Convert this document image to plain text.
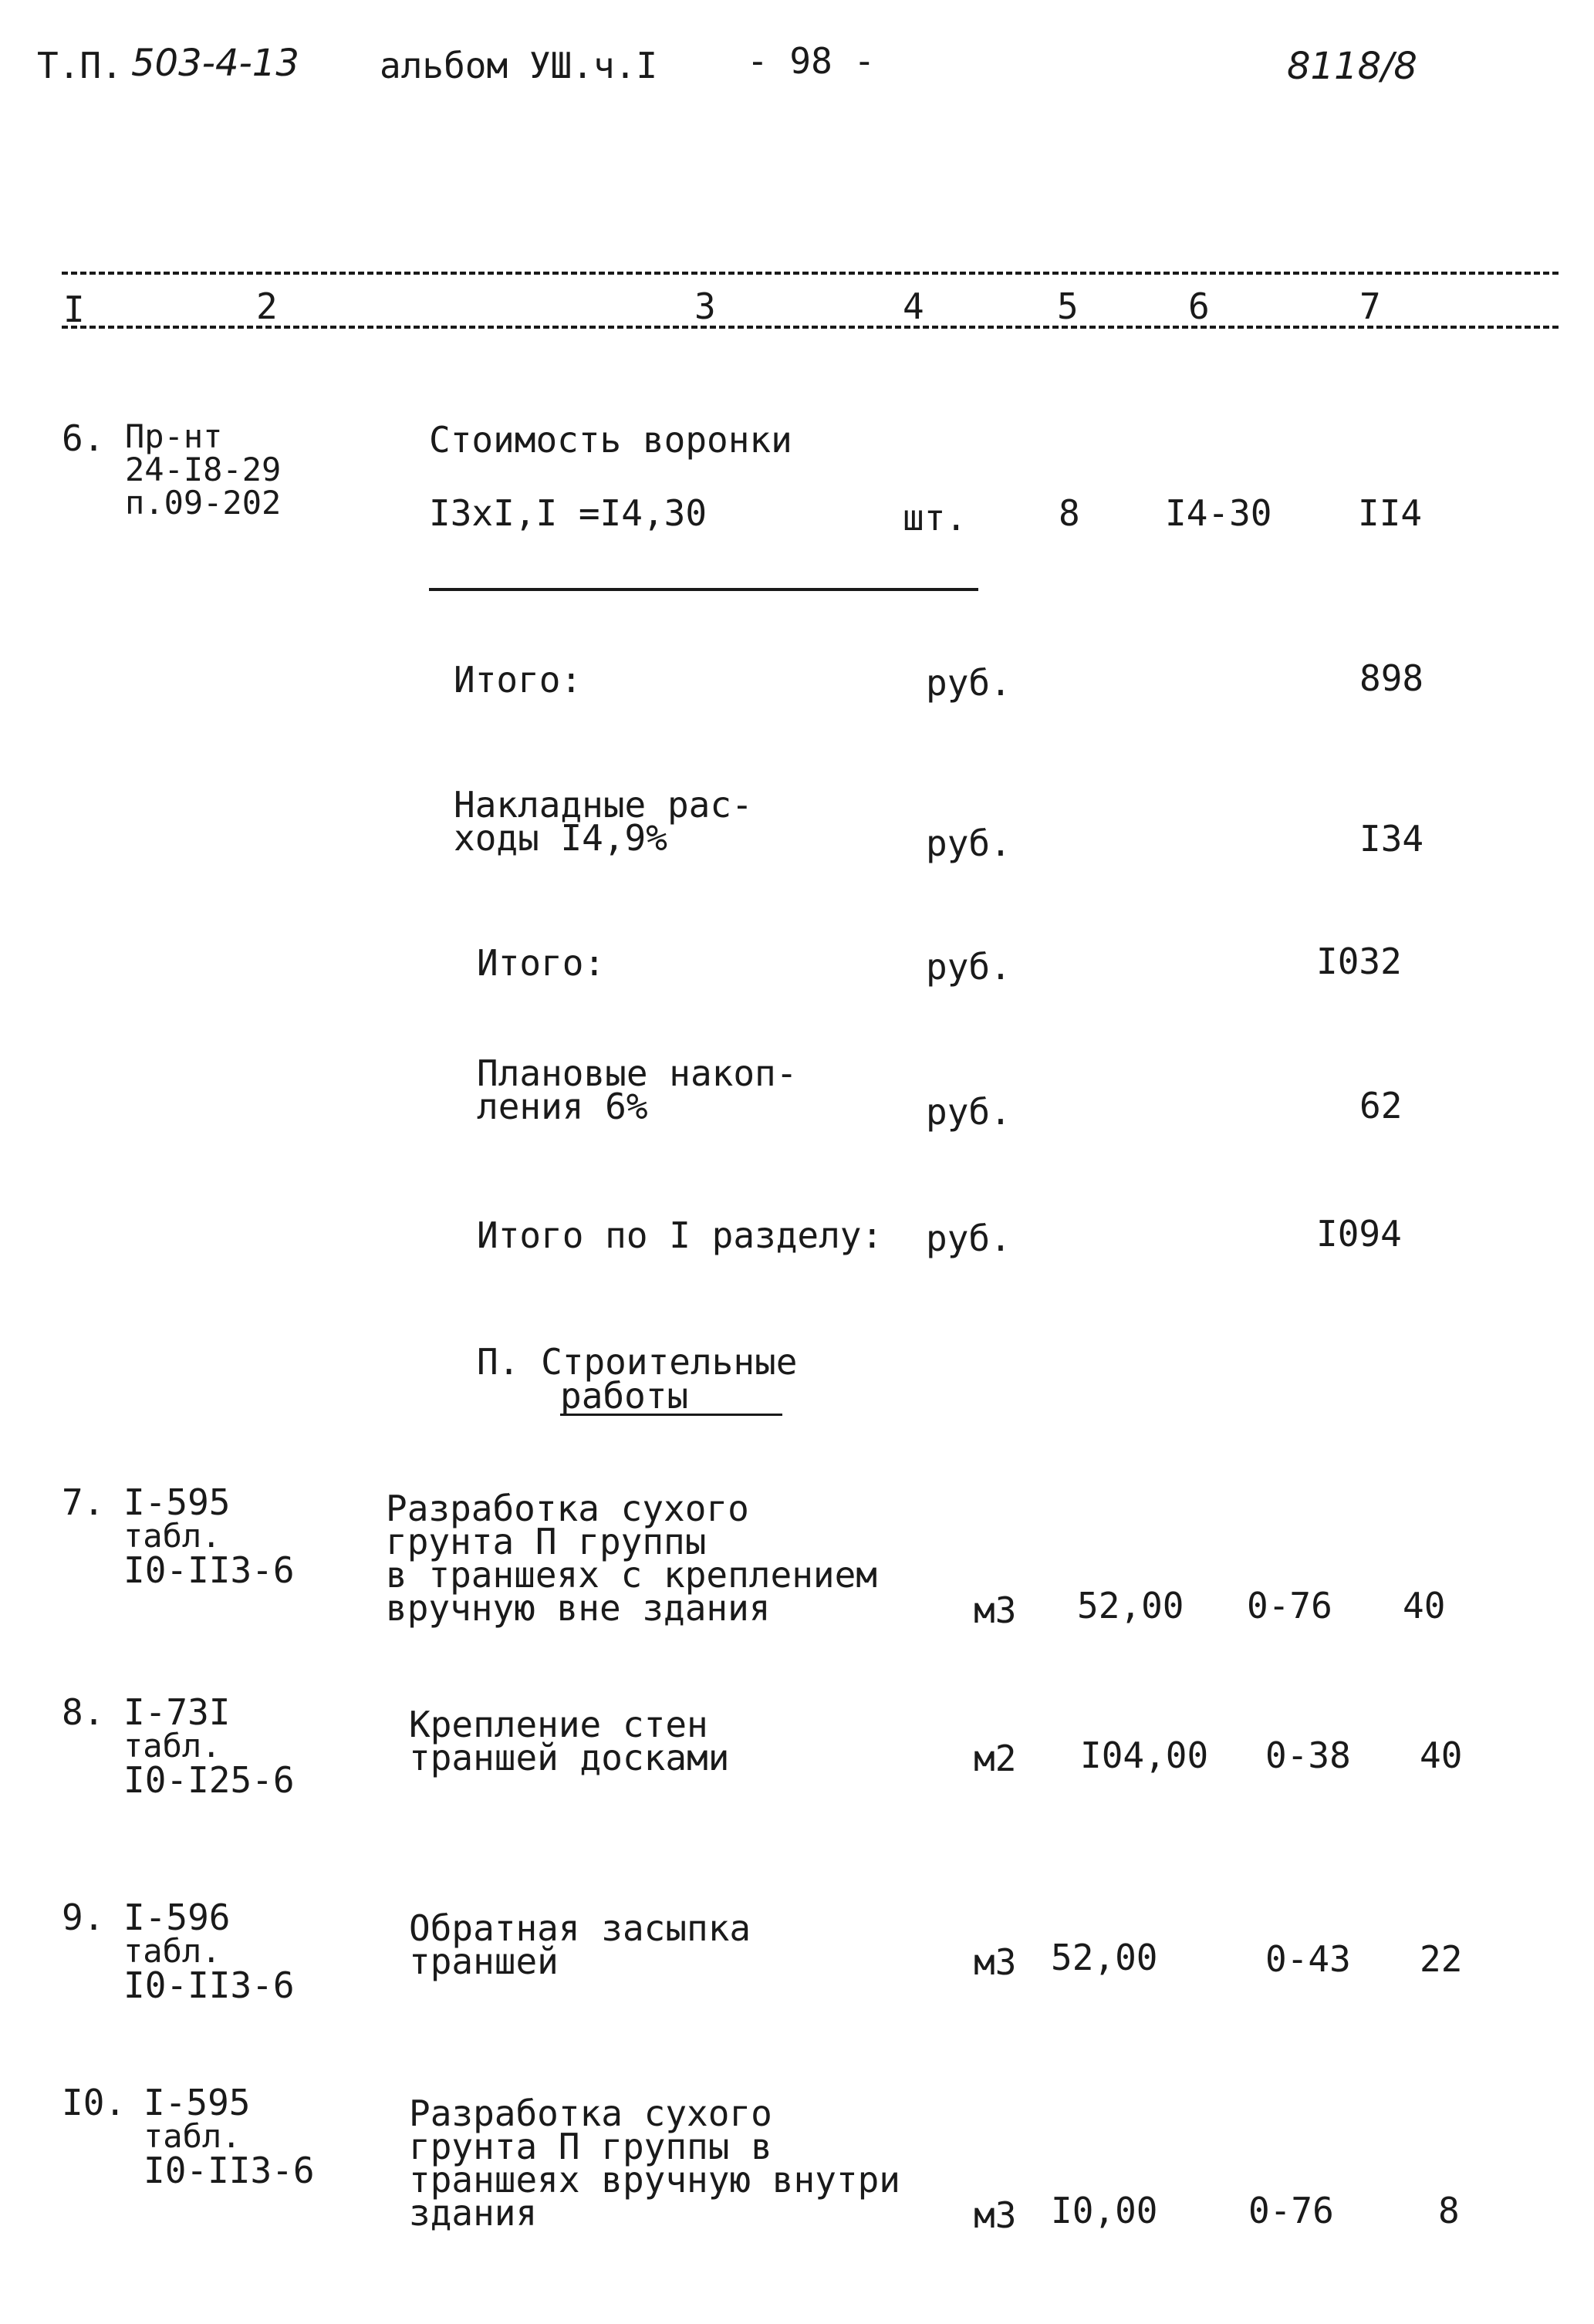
Т.П. 503-4-13 альбом УШ.ч.I	- 98 -	8118/8
I	2	3	4	5	6	7
6. Пр-нт
24-I8-29
п.09-202
Стоимость воронки
I3xI,I =I4,30	шт.	8 I4-30 II4
Итого:	руб.	898
Накладные рас-
ходы I4,9%	руб.	I34
Итого:	руб.	I032
Плановые накоп-
ления 6%	руб.	62
Итого по I разделу: руб.	I094
П. Строительные
работы
7. I-595
табл.
I0-II3-6
Разработка сухого
грунта П группы
в траншеях с креплением
вручную вне здания	м3 52,00 0-76 40
8. I-73I
табл.
I0-I25-6
Крепление стен
траншей досками	м2 I04,00 0-38 40
9. I-596
табл.
I0-II3-6
Обратная засыпка
траншей	м3 52,00	0-43 22
I0. I-595
табл.
I0-II3-6
Разработка сухого
грунта П группы в
траншеях вручную внутри
здания	м3 I0,00	0-76	8
